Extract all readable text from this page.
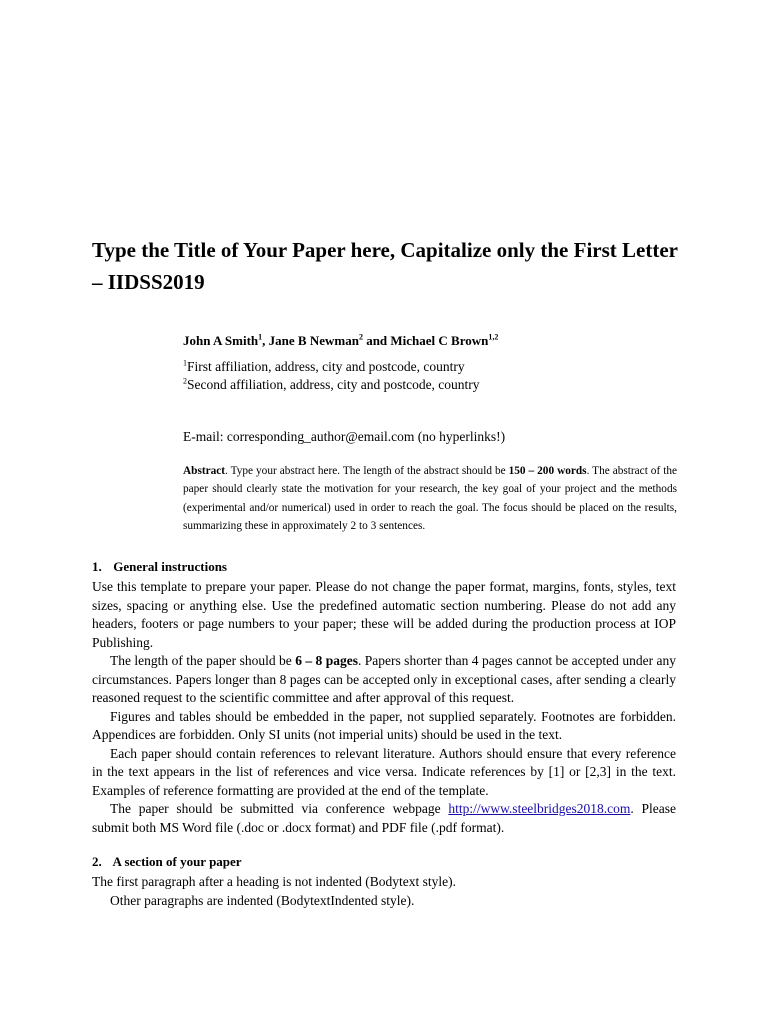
Type the Title of Your Paper here, Capitalize only the First Letter – IIDSS2019

John A Smith$^1$, Jane B Newman$^2$ and Michael C Brown$^{1,2}$

$^1$First affiliation, address, city and postcode, country

$^2$Second affiliation, address, city and postcode, country

E-mail: corresponding_author@email.com (no hyperlinks!)

Abstract. Type your abstract here. The length of the abstract should be 150 – 200 words. The abstract of the paper should clearly state the motivation for your research, the key goal of your project and the methods (experimental and/or numerical) used in order to reach the goal. The focus should be placed on the results, summarizing these in approximately 2 to 3 sentences.

1. General instructions

Use this template to prepare your paper. Please do not change the paper format, margins, fonts, styles, text sizes, spacing or anything else. Use the predefined automatic section numbering. Please do not add any headers, footers or page numbers to your paper; these will be added during the production process at IOP Publishing.

The length of the paper should be 6 – 8 pages. Papers shorter than 4 pages cannot be accepted under any circumstances. Papers longer than 8 pages can be accepted only in exceptional cases, after sending a clearly reasoned request to the scientific committee and after approval of this request.

Figures and tables should be embedded in the paper, not supplied separately. Footnotes are forbidden. Appendices are forbidden. Only SI units (not imperial units) should be used in the text.

Each paper should contain references to relevant literature. Authors should ensure that every reference in the text appears in the list of references and vice versa. Indicate references by [1] or [2,3] in the text. Examples of reference formatting are provided at the end of the template.

The paper should be submitted via conference webpage http://www.steelbridges2018.com. Please submit both MS Word file (.doc or .docx format) and PDF file (.pdf format).

2. A section of your paper

The first paragraph after a heading is not indented (Bodytext style).

Other paragraphs are indented (BodytextIndented style).
